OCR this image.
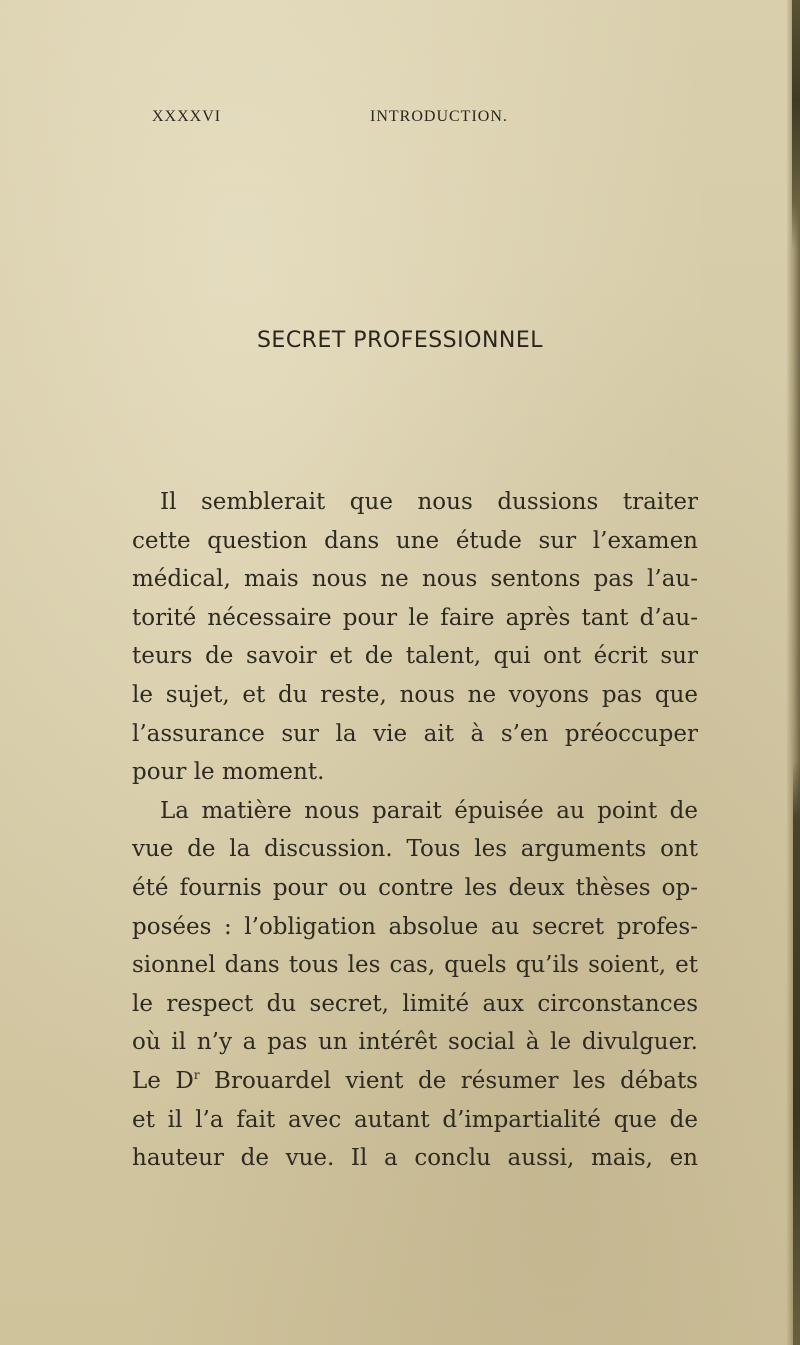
XXXXVI	INTRODUCTION.
SECRET PROFESSIONNEL
Il semblerait que nous dussions traiter
cette question dans une étude sur l’examen
médical, mais nous ne nous sentons pas l’au-
torité nécessaire pour le faire après tant d’au-
teurs de savoir et de talent, qui ont écrit sur
le sujet, et du reste, nous ne voyons pas que
l’assurance sur la vie ait à s’en préoccuper
pour le moment.
La matière nous parait épuisée au point de
vue de la discussion. Tous les arguments ont
été fournis pour ou contre les deux thèses op-
posées : l’obligation absolue au secret profes-
sionnel dans tous les cas, quels qu’ils soient, et
le respect du secret, limité aux circonstances
où il n’y a pas un intérêt social à le divulguer.
Le $D^r$ Brouardel vient de résumer les débats
et il l’a fait avec autant d’impartialité que de
hauteur de vue. Il a conclu aussi, mais, en
